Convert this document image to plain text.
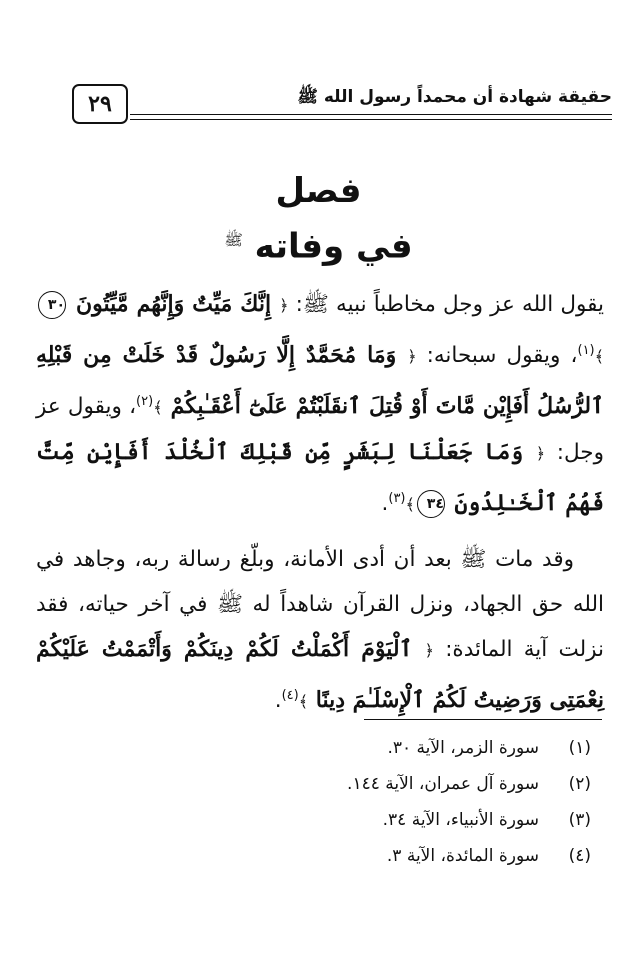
٢٩	حقيقة شهادة أن محمداً رسول الله ﷺ
فصل
في وفاته $^ﷺ$

يقول الله عز وجل مخاطباً نبيه ﷺ: ﴿ إِنَّكَ مَيِّتٌ وَإِنَّهُم مَّيِّتُونَ ٣٠﴾$^{(١)}$، ويقول سبحانه: ﴿ وَمَا مُحَمَّدٌ إِلَّا رَسُولٌ قَدْ خَلَتْ مِن قَبْلِهِ ٱلرُّسُلُ أَفَإِيْن مَّاتَ أَوْ قُتِلَ ٱنقَلَبْتُمْ عَلَىٰٓ أَعْقَـٰبِكُمْ ﴾$^{(٢)}$، ويقول عز وجل: ﴿ وَمَا جَعَلْنَا لِبَشَرٍ مِّن قَبْلِكَ ٱلْخُلْدَ أَفَإِيْن مِّتَّ فَهُمُ ٱلْخَـٰلِدُونَ ٣٤﴾$^{(٣)}$.

وقد مات ﷺ بعد أن أدى الأمانة، وبلّغ رسالة ربه، وجاهد في الله حق الجهاد، ونزل القرآن شاهداً له ﷺ في آخر حياته، فقد نزلت آية المائدة: ﴿ ٱلْيَوْمَ أَكْمَلْتُ لَكُمْ دِينَكُمْ وَأَتْمَمْتُ عَلَيْكُمْ نِعْمَتِى وَرَضِيتُ لَكُمُ ٱلْإِسْلَـٰمَ دِينًا ﴾$^{(٤)}$.

(١)
سورة الزمر، الآية ٣٠.
(٢)
سورة آل عمران، الآية ١٤٤.
(٣)
سورة الأنبياء، الآية ٣٤.
(٤)
سورة المائدة، الآية ٣.
